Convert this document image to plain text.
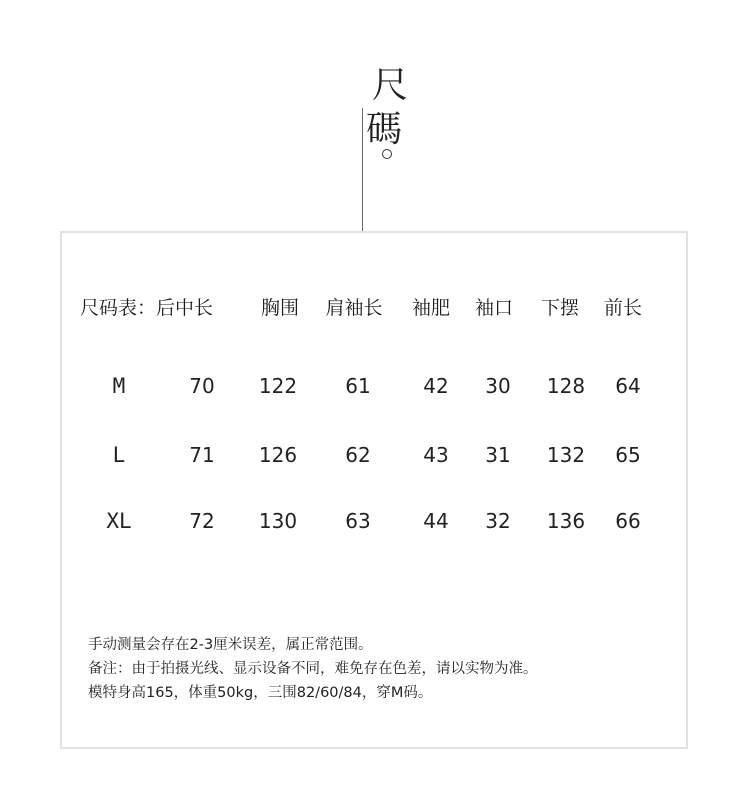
尺
碼
尺码表：后中长	胸围 肩袖长 袖肥 袖口 下摆 前长
M	70 122 61	42 30 128 64
L	71 126 62	43 31 132 65
XL	72 130 63	44 32 136 66
手动测量会存在2-3厘米误差，属正常范围。
备注：由于拍摄光线、显示设备不同，难免存在色差，请以实物为准。
模特身高165，体重50kg，三围82/60/84，穿M码。
